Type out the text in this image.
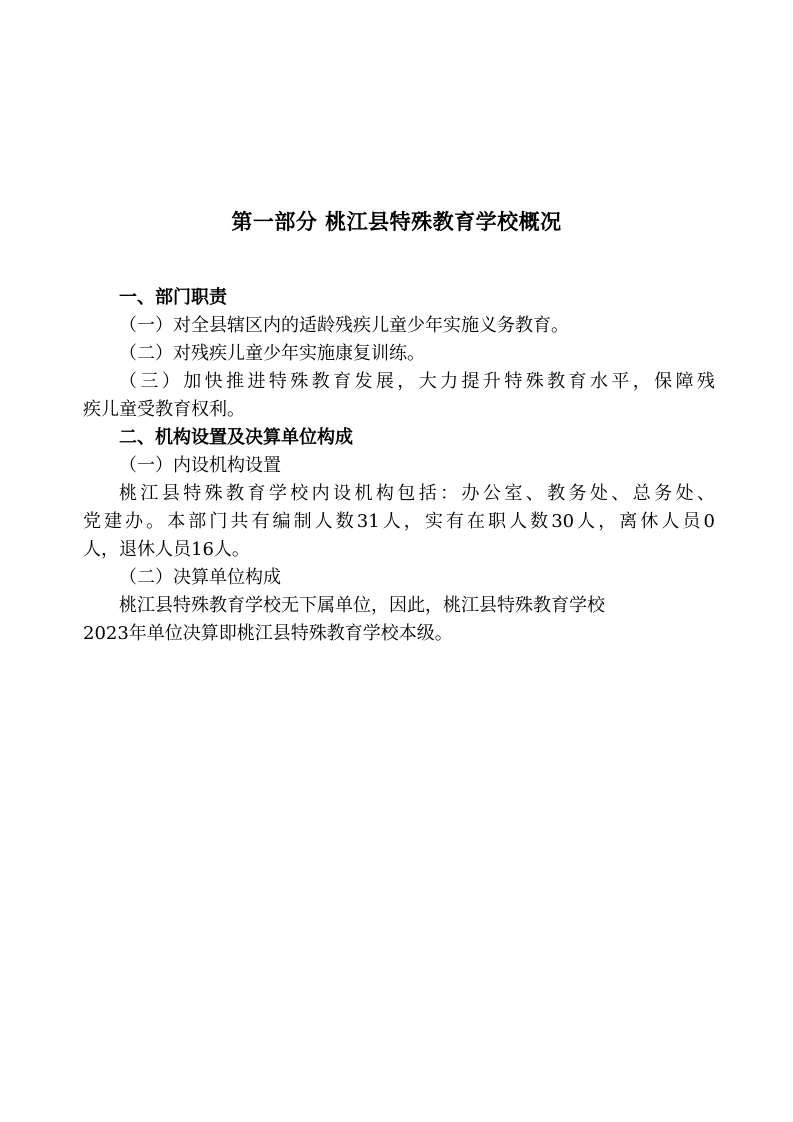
第一部分 桃江县特殊教育学校概况
一、部门职责
（一）对全县辖区内的适龄残疾儿童少年实施义务教育。
（二）对残疾儿童少年实施康复训练。
（三）加快推进特殊教育发展，大力提升特殊教育水平，保障残
疾儿童受教育权利。
二、机构设置及决算单位构成
（一）内设机构设置
桃江县特殊教育学校内设机构包括：办公室、教务处、总务处、
党建办。本部门共有编制人数31人，实有在职人数30人，离休人员0
人，退休人员16人。
（二）决算单位构成
桃江县特殊教育学校无下属单位，因此，桃江县特殊教育学校
2023年单位决算即桃江县特殊教育学校本级。
